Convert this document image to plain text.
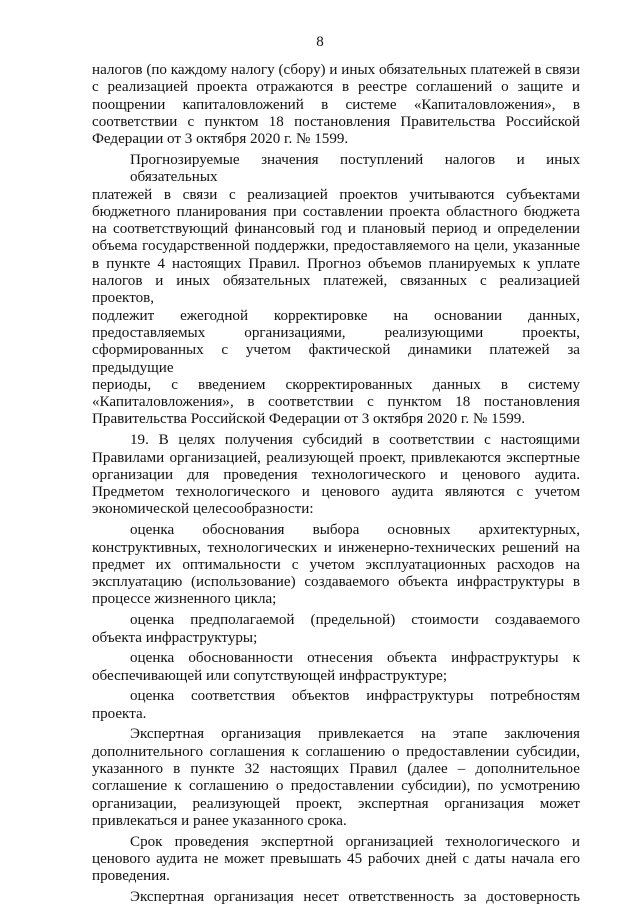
8
налогов (по каждому налогу (сбору) и иных обязательных платежей в связи
с реализацией проекта отражаются в реестре соглашений о защите и
поощрении капиталовложений в системе «Капиталовложения», в
соответствии с пунктом 18 постановления Правительства Российской
Федерации от 3 октября 2020 г. № 1599.
Прогнозируемые значения поступлений налогов и иных обязательных
платежей в связи с реализацией проектов учитываются субъектами
бюджетного планирования при составлении проекта областного бюджета
на соответствующий финансовый год и плановый период и определении
объема государственной поддержки, предоставляемого на цели, указанные
в пункте 4 настоящих Правил. Прогноз объемов планируемых к уплате
налогов и иных обязательных платежей, связанных с реализацией проектов,
подлежит ежегодной корректировке на основании данных,
предоставляемых организациями, реализующими проекты,
сформированных с учетом фактической динамики платежей за предыдущие
периоды, с введением скорректированных данных в систему
«Капиталовложения», в соответствии с пунктом 18 постановления
Правительства Российской Федерации от 3 октября 2020 г. № 1599.
19. В целях получения субсидий в соответствии с настоящими
Правилами организацией, реализующей проект, привлекаются экспертные
организации для проведения технологического и ценового аудита.
Предметом технологического и ценового аудита являются с учетом
экономической целесообразности:
оценка обоснования выбора основных архитектурных,
конструктивных, технологических и инженерно-технических решений на
предмет их оптимальности с учетом эксплуатационных расходов на
эксплуатацию (использование) создаваемого объекта инфраструктуры в
процессе жизненного цикла;
оценка предполагаемой (предельной) стоимости создаваемого
объекта инфраструктуры;
оценка обоснованности отнесения объекта инфраструктуры к
обеспечивающей или сопутствующей инфраструктуре;
оценка соответствия объектов инфраструктуры потребностям
проекта.
Экспертная организация привлекается на этапе заключения
дополнительного соглашения к соглашению о предоставлении субсидии,
указанного в пункте 32 настоящих Правил (далее – дополнительное
соглашение к соглашению о предоставлении субсидии), по усмотрению
организации, реализующей проект, экспертная организация может
привлекаться и ранее указанного срока.
Срок проведения экспертной организацией технологического и
ценового аудита не может превышать 45 рабочих дней с даты начала его
проведения.
Экспертная организация несет ответственность за достоверность
